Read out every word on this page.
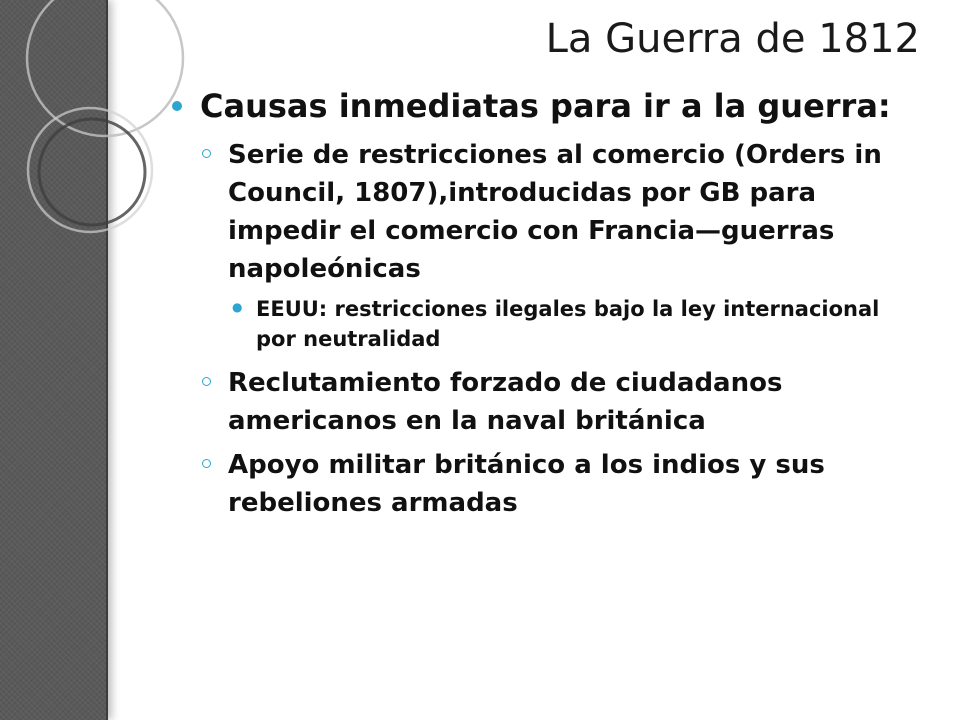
La Guerra de 1812
Causas inmediatas para ir a la guerra:
Serie de restricciones al comercio (Orders in Council, 1807),introducidas por GB para impedir el comercio con Francia—guerras napoleónicas
● EEUU: restricciones ilegales bajo la ley internacional por neutralidad
Reclutamiento forzado de ciudadanos americanos en la naval británica
Apoyo militar británico a los indios y sus rebeliones armadas
